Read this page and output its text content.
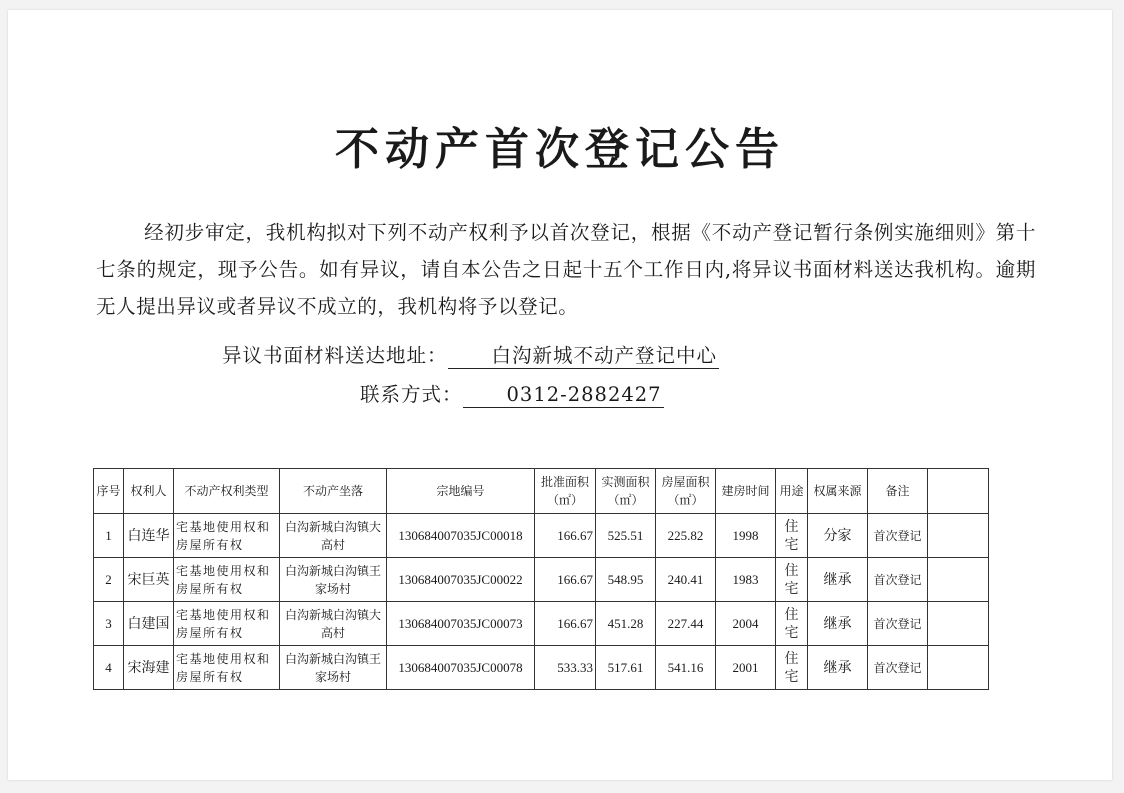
不动产首次登记公告
经初步审定，我机构拟对下列不动产权利予以首次登记，根据《不动产登记暂行条例实施细则》第十七条的规定，现予公告。如有异议，请自本公告之日起十五个工作日内,将异议书面材料送达我机构。逾期无人提出异议或者异议不成立的，我机构将予以登记。
异议书面材料送达地址： 白沟新城不动产登记中心
联系方式： 0312-2882427
序号	权利人	不动产权利类型	不动产坐落	宗地编号	批准面积（㎡）	实测面积（㎡）	房屋面积（㎡）	建房时间	用途	权属来源	备注	
1	白连华	宅基地使用权和房屋所有权	白沟新城白沟镇大高村	130684007035JC00018	166.67	525.51	225.82	1998	住宅	分家	首次登记	
2	宋巨英	宅基地使用权和房屋所有权	白沟新城白沟镇王家场村	130684007035JC00022	166.67	548.95	240.41	1983	住宅	继承	首次登记	
3	白建国	宅基地使用权和房屋所有权	白沟新城白沟镇大高村	130684007035JC00073	166.67	451.28	227.44	2004	住宅	继承	首次登记	
4	宋海建	宅基地使用权和房屋所有权	白沟新城白沟镇王家场村	130684007035JC00078	533.33	517.61	541.16	2001	住宅	继承	首次登记	
